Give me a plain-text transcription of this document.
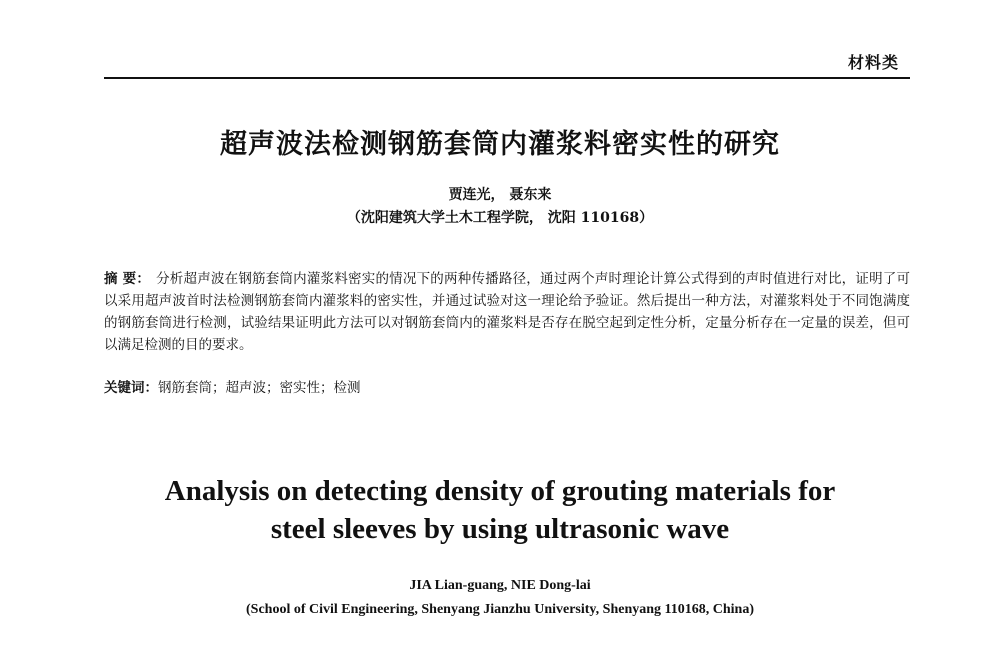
材料类
超声波法检测钢筋套筒内灌浆料密实性的研究
贾连光， 聂东来
（沈阳建筑大学土木工程学院， 沈阳 110168）
摘 要： 分析超声波在钢筋套筒内灌浆料密实的情况下的两种传播路径，通过两个声时理论计算公式得到的声时值进行对比，证明了可以采用超声波首时法检测钢筋套筒内灌浆料的密实性，并通过试验对这一理论给予验证。然后提出一种方法，对灌浆料处于不同饱满度的钢筋套筒进行检测，试验结果证明此方法可以对钢筋套筒内的灌浆料是否存在脱空起到定性分析，定量分析存在一定量的误差，但可以满足检测的目的要求。
关键词：钢筋套筒；超声波；密实性；检测
Analysis on detecting density of grouting materials for
steel sleeves by using ultrasonic wave
JIA Lian-guang, NIE Dong-lai
(School of Civil Engineering, Shenyang Jianzhu University, Shenyang 110168, China)
